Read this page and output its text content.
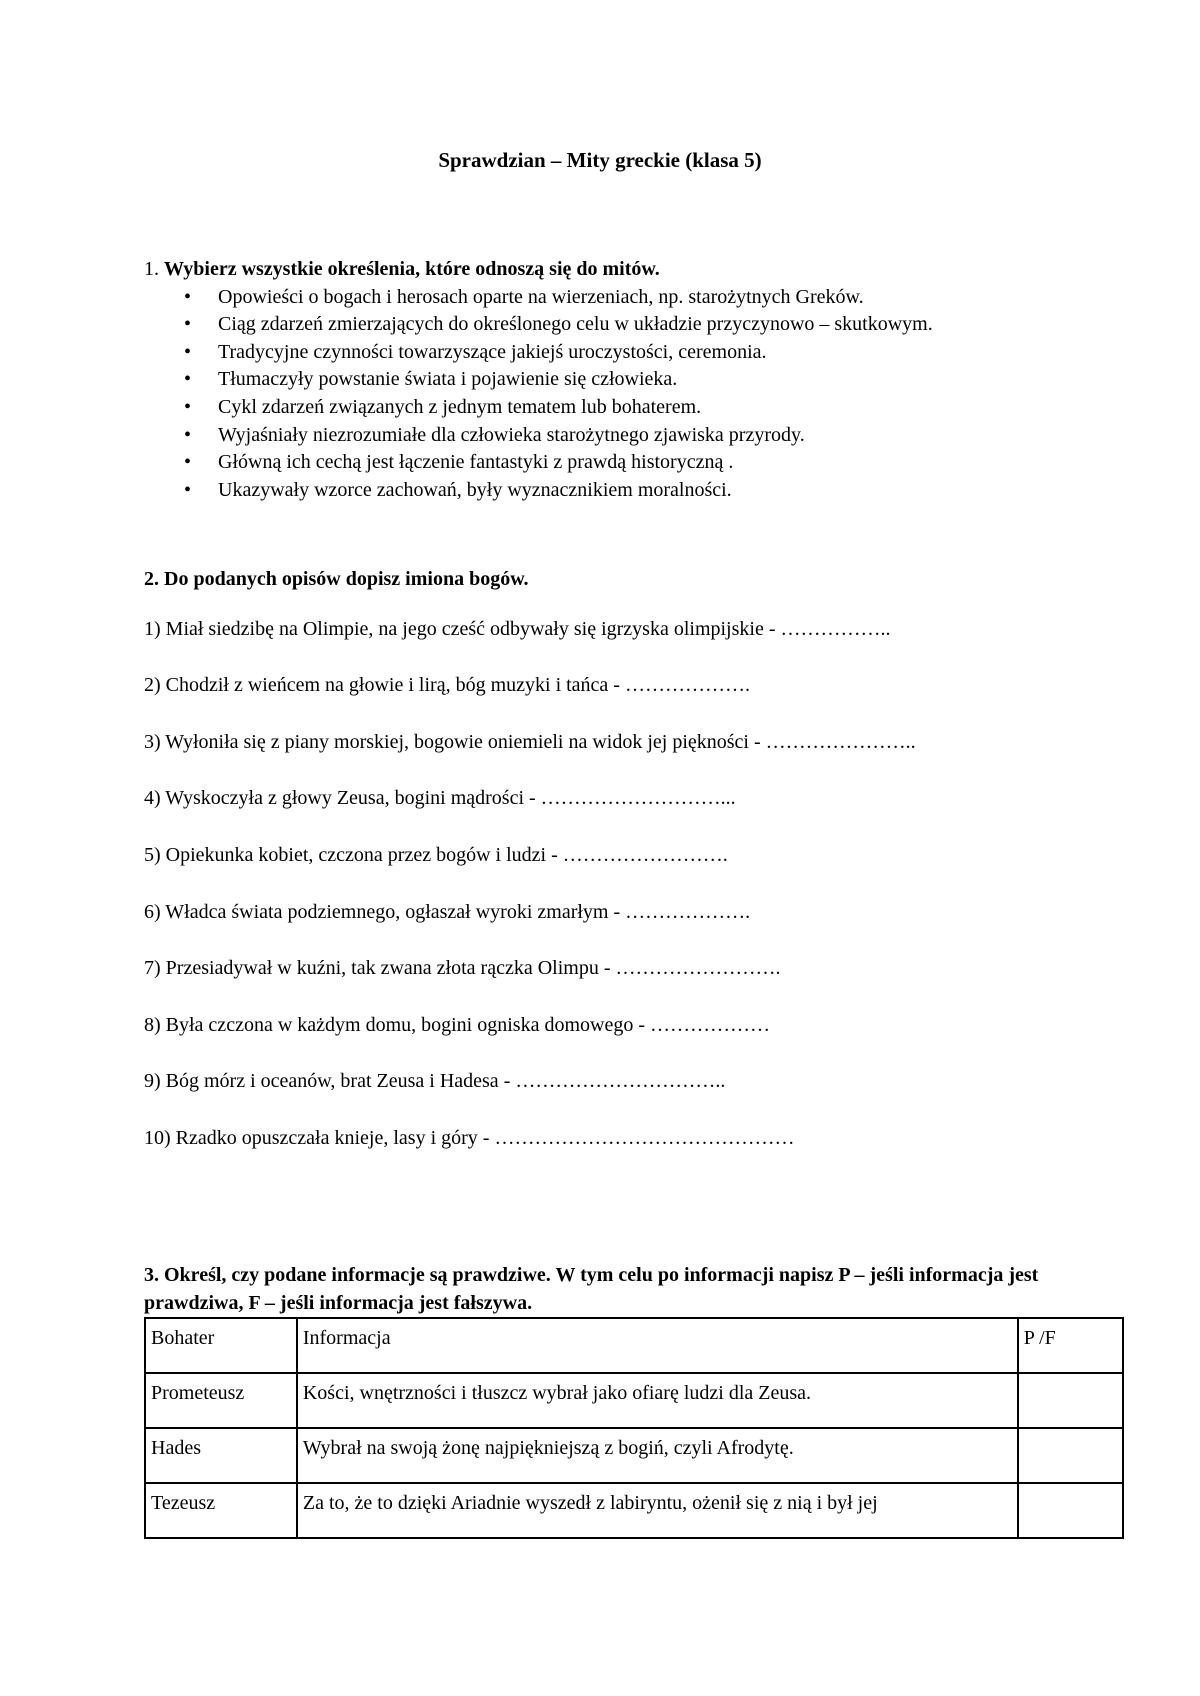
Sprawdzian – Mity greckie (klasa 5)

1. Wybierz wszystkie określenia, które odnoszą się do mitów.

• Opowieści o bogach i herosach oparte na wierzeniach, np. starożytnych Greków.
• Ciąg zdarzeń zmierzających do określonego celu w układzie przyczynowo – skutkowym.
• Tradycyjne czynności towarzyszące jakiejś uroczystości, ceremonia.
• Tłumaczyły powstanie świata i pojawienie się człowieka.
• Cykl zdarzeń związanych z jednym tematem lub bohaterem.
• Wyjaśniały niezrozumiałe dla człowieka starożytnego zjawiska przyrody.
• Główną ich cechą jest łączenie fantastyki z prawdą historyczną .
• Ukazywały wzorce zachowań, były wyznacznikiem moralności.

2. Do podanych opisów dopisz imiona bogów.

1) Miał siedzibę na Olimpie, na jego cześć odbywały się igrzyska olimpijskie - ……………..

2) Chodził z wieńcem na głowie i lirą, bóg muzyki i tańca - ……………….

3) Wyłoniła się z piany morskiej, bogowie oniemieli na widok jej piękności - …………………..

4) Wyskoczyła z głowy Zeusa, bogini mądrości - ………………………...

5) Opiekunka kobiet, czczona przez bogów i ludzi - …………………….

6) Władca świata podziemnego, ogłaszał wyroki zmarłym - ……………….

7) Przesiadywał w kuźni, tak zwana złota rączka Olimpu - …………………….

8) Była czczona w każdym domu, bogini ogniska domowego - ………………

9) Bóg mórz i oceanów, brat Zeusa i Hadesa - …………………………..

10) Rzadko opuszczała knieje, lasy i góry - ………………………………………

3. Określ, czy podane informacje są prawdziwe. W tym celu po informacji napisz P – jeśli informacja jest prawdziwa, F – jeśli informacja jest fałszywa.

Bohater	Informacja	P /F
Prometeusz	Kości, wnętrzności i tłuszcz wybrał jako ofiarę ludzi dla Zeusa.	
Hades	Wybrał na swoją żonę najpiękniejszą z bogiń, czyli Afrodytę.	
Tezeusz	Za to, że to dzięki Ariadnie wyszedł z labiryntu, ożenił się z nią i był jej	
